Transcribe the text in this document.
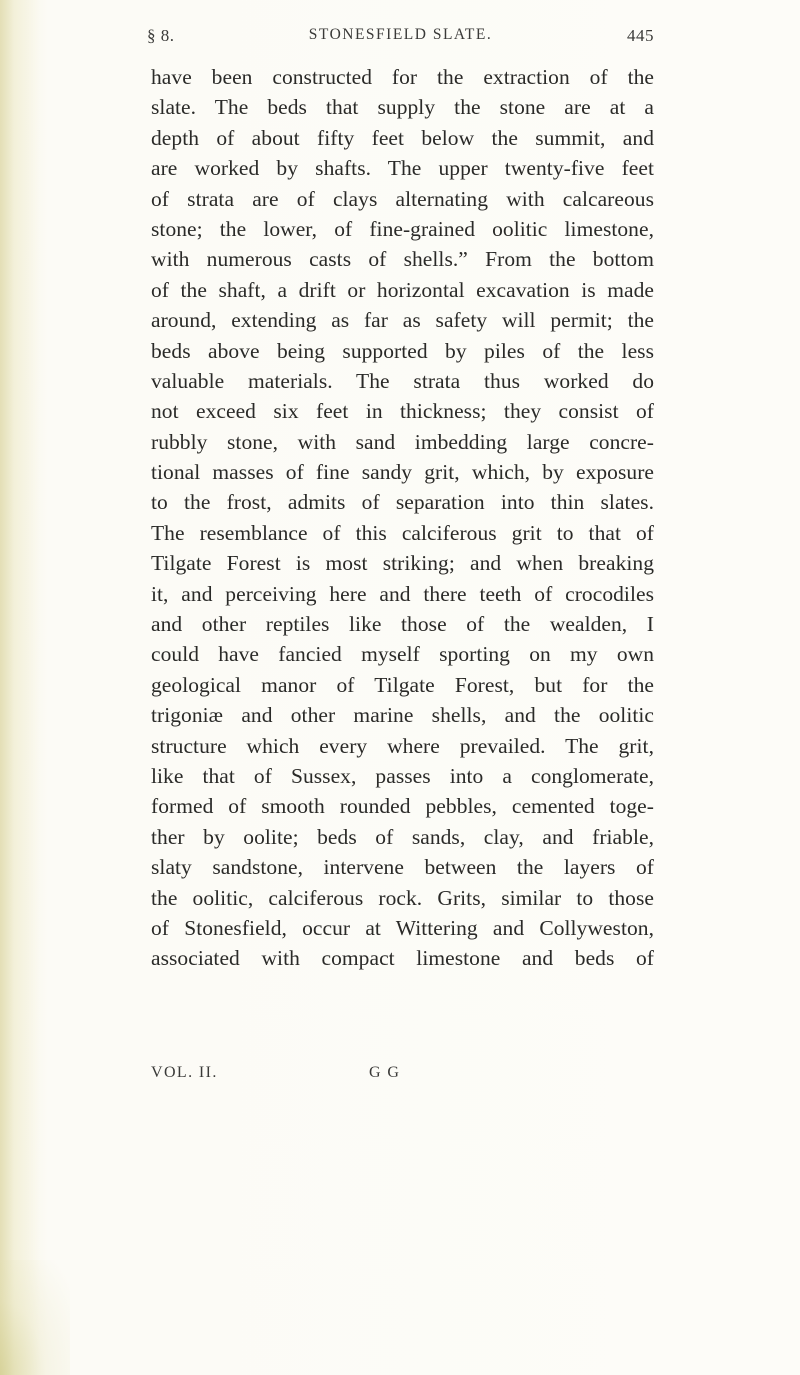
§ 8.	STONESFIELD SLATE.	445
have been constructed for the extraction of the
slate. The beds that supply the stone are at a
depth of about fifty feet below the summit, and
are worked by shafts. The upper twenty-five feet
of strata are of clays alternating with calcareous
stone; the lower, of fine-grained oolitic limestone,
with numerous casts of shells.” From the bottom
of the shaft, a drift or horizontal excavation is made
around, extending as far as safety will permit; the
beds above being supported by piles of the less
valuable materials. The strata thus worked do
not exceed six feet in thickness; they consist of
rubbly stone, with sand imbedding large concre-
tional masses of fine sandy grit, which, by exposure
to the frost, admits of separation into thin slates.
The resemblance of this calciferous grit to that of
Tilgate Forest is most striking; and when breaking
it, and perceiving here and there teeth of crocodiles
and other reptiles like those of the wealden, I
could have fancied myself sporting on my own
geological manor of Tilgate Forest, but for the
trigoniæ and other marine shells, and the oolitic
structure which every where prevailed. The grit,
like that of Sussex, passes into a conglomerate,
formed of smooth rounded pebbles, cemented toge-
ther by oolite; beds of sands, clay, and friable,
slaty sandstone, intervene between the layers of
the oolitic, calciferous rock. Grits, similar to those
of Stonesfield, occur at Wittering and Collyweston,
associated with compact limestone and beds of
VOL. II.	G G
